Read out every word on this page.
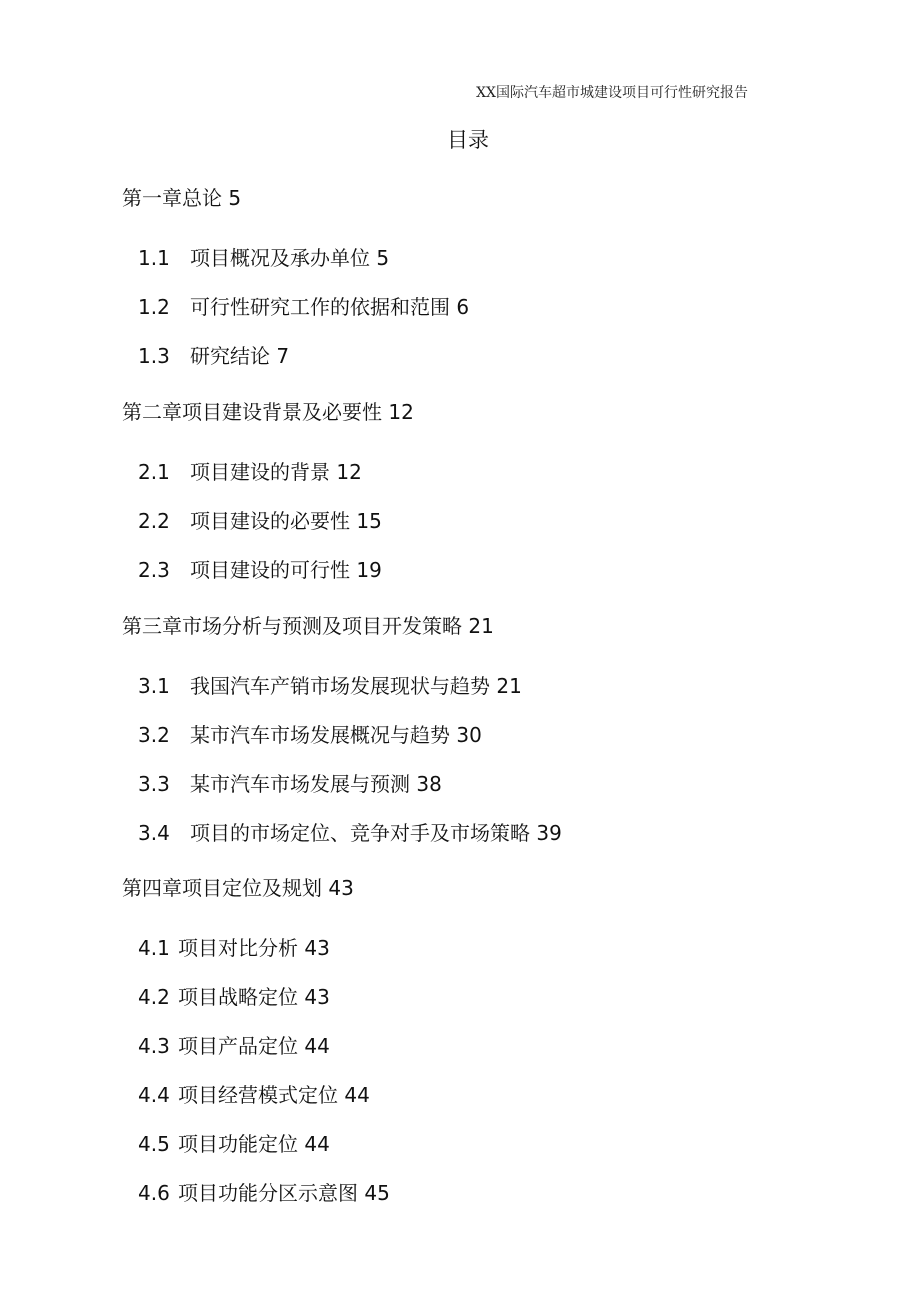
XX国际汽车超市城建设项目可行性研究报告
目录
第一章总论 5
1.1 项目概况及承办单位 5
1.2 可行性研究工作的依据和范围 6
1.3 研究结论 7
第二章项目建设背景及必要性 12
2.1 项目建设的背景 12
2.2 项目建设的必要性 15
2.3 项目建设的可行性 19
第三章市场分析与预测及项目开发策略 21
3.1 我国汽车产销市场发展现状与趋势 21
3.2 某市汽车市场发展概况与趋势 30
3.3 某市汽车市场发展与预测 38
3.4 项目的市场定位、竞争对手及市场策略 39
第四章项目定位及规划 43
4.1 项目对比分析 43
4.2 项目战略定位 43
4.3 项目产品定位 44
4.4 项目经营模式定位 44
4.5 项目功能定位 44
4.6 项目功能分区示意图 45
